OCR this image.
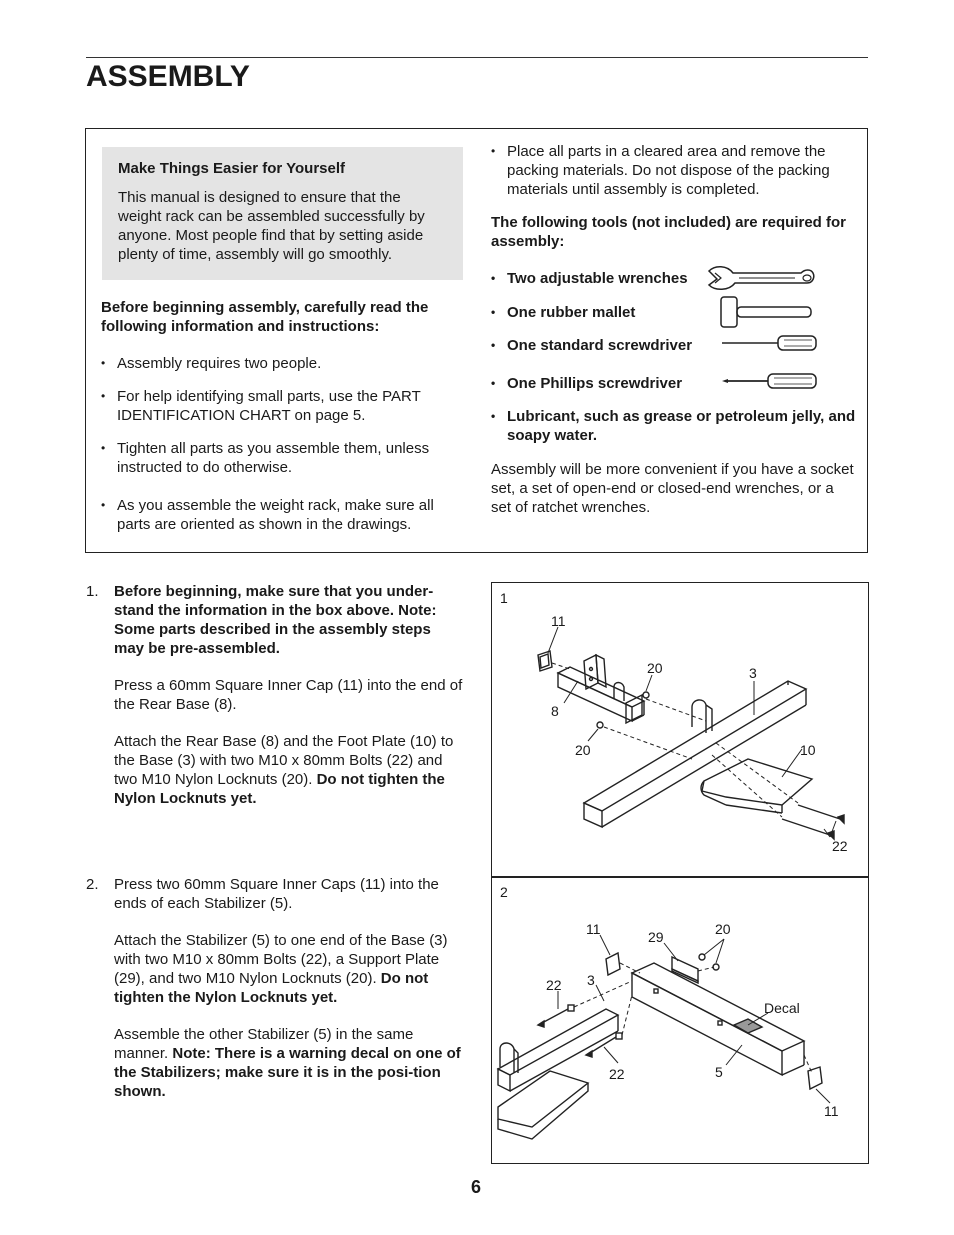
ASSEMBLY
Make Things Easier for Yourself
This manual is designed to ensure that the weight rack can be assembled successfully by anyone. Most people find that by setting aside plenty of time, assembly will go smoothly.
Before beginning assembly, carefully read the following information and instructions:
• Assembly requires two people.
• For help identifying small parts, use the PART IDENTIFICATION CHART on page 5.
• Tighten all parts as you assemble them, unless instructed to do otherwise.
• As you assemble the weight rack, make sure all parts are oriented as shown in the drawings.
• Place all parts in a cleared area and remove the packing materials. Do not dispose of the packing materials until assembly is completed.
The following tools (not included) are required for assembly:
• Two adjustable wrenches
• One rubber mallet
• One standard screwdriver
• One Phillips screwdriver
• Lubricant, such as grease or petroleum jelly, and soapy water.
Assembly will be more convenient if you have a socket set, a set of open-end or closed-end wrenches, or a set of ratchet wrenches.
1. Before beginning, make sure that you under-stand the information in the box above. Note: Some parts described in the assembly steps may be pre-assembled.

Press a 60mm Square Inner Cap (11) into the end of the Rear Base (8).

Attach the Rear Base (8) and the Foot Plate (10) to the Base (3) with two M10 x 80mm Bolts (22) and two M10 Nylon Locknuts (20). Do not tighten the Nylon Locknuts yet.

2. Press two 60mm Square Inner Caps (11) into the ends of each Stabilizer (5).

Attach the Stabilizer (5) to one end of the Base (3) with two M10 x 80mm Bolts (22), a Support Plate (29), and two M10 Nylon Locknuts (20). Do not tighten the Nylon Locknuts yet.

Assemble the other Stabilizer (5) in the same manner. Note: There is a warning decal on one of the Stabilizers; make sure it is in the posi-tion shown.

1
11
20	3
8
20	10
22
2
11	29	20
22 3
Decal
22	5
11
6
